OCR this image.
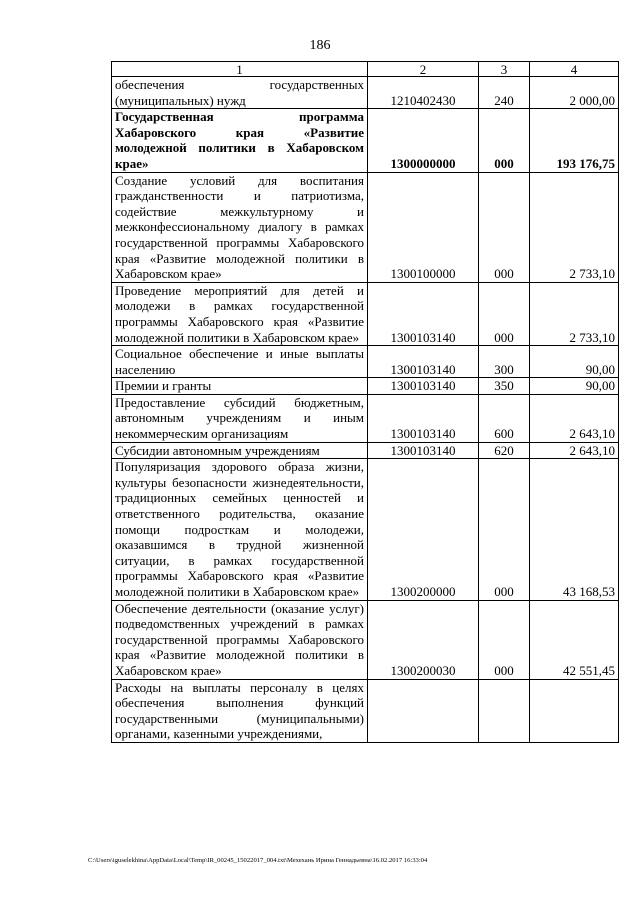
186
1	2	3	4
обеспечения государственных (муниципальных) нужд	1210402430	240	2 000,00
Государственная программа Хабаровского края «Развитие молодежной политики в Хабаровском крае»	1300000000	000	193 176,75
Создание условий для воспитания гражданственности и патриотизма, содействие межкультурному и межконфессиональному диалогу в рамках государственной программы Хабаровского края «Развитие молодежной политики в Хабаровском крае»	1300100000	000	2 733,10
Проведение мероприятий для детей и молодежи в рамках государственной программы Хабаровского края «Развитие молодежной политики в Хабаровском крае»	1300103140	000	2 733,10
Социальное обеспечение и иные выплаты населению	1300103140	300	90,00
Премии и гранты	1300103140	350	90,00
Предоставление субсидий бюджетным, автономным учреждениям и иным некоммерческим организациям	1300103140	600	2 643,10
Субсидии автономным учреждениям	1300103140	620	2 643,10
Популяризация здорового образа жизни, культуры безопасности жизнедеятельности, традиционных семейных ценностей и ответственного родительства, оказание помощи подросткам и молодежи, оказавшимся в трудной жизненной ситуации, в рамках государственной программы Хабаровского края «Развитие молодежной политики в Хабаровском крае»	1300200000	000	43 168,53
Обеспечение деятельности (оказание услуг) подведомственных учреждений в рамках государственной программы Хабаровского края «Развитие молодежной политики в Хабаровском крае»	1300200030	000	42 551,45
Расходы на выплаты персоналу в целях обеспечения выполнения функций государственными (муниципальными) органами, казенными учреждениями,			
C:\Users\iguselekhina\AppData\Local\Temp\IR_00245_15022017_004.txt\Мехехань Ирина Геннадьевна\16.02.2017 16:33:04
